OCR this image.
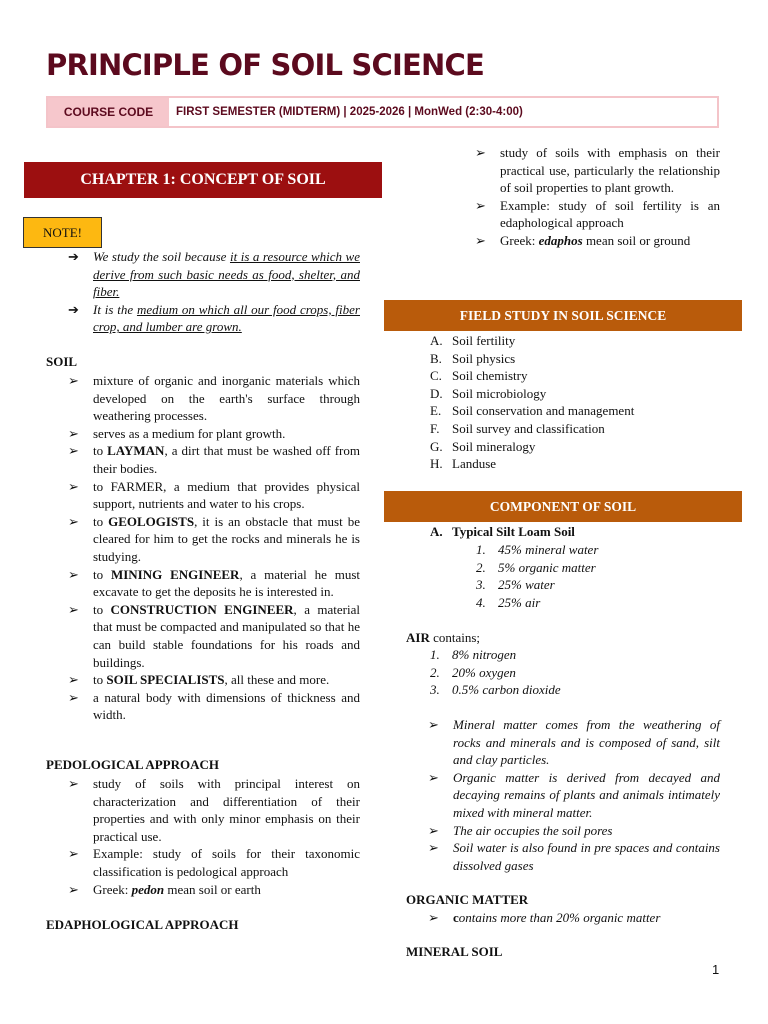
PRINCIPLE OF SOIL SCIENCE
COURSE CODE	FIRST SEMESTER (MIDTERM) | 2025-2026 | MonWed (2:30-4:00)
CHAPTER 1: CONCEPT OF SOIL
NOTE!
➔	We study the soil because it is a resource which we derive from such basic needs as food, shelter, and fiber.
➔	It is the medium on which all our food crops, fiber crop, and lumber are grown.
SOIL
➢	mixture of organic and inorganic materials which developed on the earth's surface through weathering processes.
➢	serves as a medium for plant growth.
➢	to LAYMAN, a dirt that must be washed off from their bodies.
➢	to FARMER, a medium that provides physical support, nutrients and water to his crops.
➢	to GEOLOGISTS, it is an obstacle that must be cleared for him to get the rocks and minerals he is studying.
➢	to MINING ENGINEER, a material he must excavate to get the deposits he is interested in.
➢	to CONSTRUCTION ENGINEER, a material that must be compacted and manipulated so that he can build stable foundations for his roads and buildings.
➢	to SOIL SPECIALISTS, all these and more.
➢	a natural body with dimensions of thickness and width.
PEDOLOGICAL APPROACH
➢	study of soils with principal interest on characterization and differentiation of their properties and with only minor emphasis on their practical use.
➢	Example: study of soils for their taxonomic classification is pedological approach
➢	Greek: pedon mean soil or earth
EDAPHOLOGICAL APPROACH
➢	study of soils with emphasis on their practical use, particularly the relationship of soil properties to plant growth.
➢	Example: study of soil fertility is an edaphological approach
➢	Greek: edaphos mean soil or ground
FIELD STUDY IN SOIL SCIENCE
A. Soil fertility
B. Soil physics
C. Soil chemistry
D. Soil microbiology
E. Soil conservation and management
F. Soil survey and classification
G. Soil mineralogy
H. Landuse
COMPONENT OF SOIL
A. Typical Silt Loam Soil
1. 45% mineral water
2. 5% organic matter
3. 25% water
4. 25% air
AIR contains;
1. 8% nitrogen
2. 20% oxygen
3. 0.5% carbon dioxide
➢	Mineral matter comes from the weathering of rocks and minerals and is composed of sand, silt and clay particles.
➢	Organic matter is derived from decayed and decaying remains of plants and animals intimately mixed with mineral matter.
➢	The air occupies the soil pores
➢	Soil water is also found in pre spaces and contains dissolved gases
ORGANIC MATTER
➢	contains more than 20% organic matter
MINERAL SOIL
1
